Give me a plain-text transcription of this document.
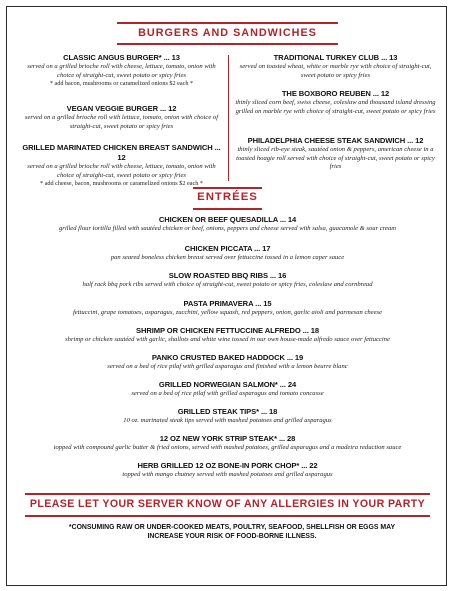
BURGERS AND SANDWICHES
CLASSIC ANGUS BURGER* ... 13
served on a grilled brioche roll with cheese, lettuce, tomato, onion with choice of straight-cut, sweet potato or spicy fries
* add bacon, mushrooms or caramelized onions $2 each *
VEGAN VEGGIE BURGER ... 12
served on a grilled brioche roll with lettuce, tomato, onion with choice of straight-cut, sweet potato or spicy fries
GRILLED MARINATED CHICKEN BREAST SANDWICH ... 12
served on a grilled brioche roll with cheese, lettuce, tomato, onion with choice of straight-cut, sweet potato or spicy fries
* add cheese, bacon, mushrooms or caramelized onions $2 each *
TRADITIONAL TURKEY CLUB ... 13
served on toasted wheat, white or marble rye with choice of straight-cut, sweet potato or spicy fries
THE BOXBORO REUBEN ... 12
thinly sliced corn beef, swiss cheese, coleslaw and thousand island dressing grilled on marble rye with choice of straight-cut, sweet potato or spicy fries
PHILADELPHIA CHEESE STEAK SANDWICH ... 12
thinly sliced rib-eye steak, sautéed onion & peppers, american cheese in a toasted hoagie roll served with choice of straight-cut, sweet potato or spicy fries
ENTRÉES
CHICKEN OR BEEF QUESADILLA ... 14
grilled flour tortilla filled with sautéed chicken or beef, onions, peppers and cheese served with salsa, guacamole & sour cream
CHICKEN PICCATA ... 17
pan seared boneless chicken breast served over fettuccine tossed in a lemon caper sauce
SLOW ROASTED BBQ RIBS ... 16
half rack bbq pork ribs served with choice of straight-cut, sweet potato or spicy fries, coleslaw and cornbread
PASTA PRIMAVERA ... 15
fettuccini, grape tomatoes, asparagus, zucchini, yellow squash, red peppers, onion, garlic aioli and parmesan cheese
SHRIMP OR CHICKEN FETTUCCINE ALFREDO ... 18
shrimp or chicken sautéed with garlic, shallots and white wine tossed in our own house-made alfredo sauce over fettuccine
PANKO CRUSTED BAKED HADDOCK ... 19
served on a bed of rice pilaf with grilled asparagus and finished with a lemon beurre blanc
GRILLED NORWEGIAN SALMON* ... 24
served on a bed of rice pilaf with grilled asparagus and tomato concasse
GRILLED STEAK TIPS* ... 18
10 oz. marinated steak tips served with mashed potatoes and grilled asparagus
12 OZ NEW YORK STRIP STEAK* ... 28
topped with compound garlic butter & fried onions, served with mashed potatoes, grilled asparagus and a madeira reduction sauce
HERB GRILLED 12 OZ BONE-IN PORK CHOP* ... 22
topped with mango chutney served with mashed potatoes and grilled asparagus
PLEASE LET YOUR SERVER KNOW OF ANY ALLERGIES IN YOUR PARTY
*CONSUMING RAW OR UNDER-COOKED MEATS, POULTRY, SEAFOOD, SHELLFISH OR EGGS MAY INCREASE YOUR RISK OF FOOD-BORNE ILLNESS.
